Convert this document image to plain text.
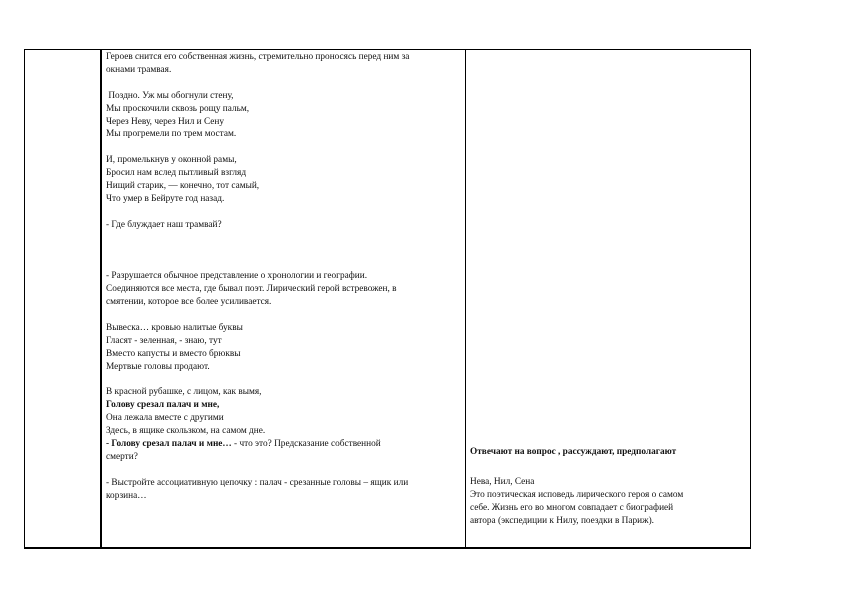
Героев снится его собственная жизнь, стремительно проносясь перед ним за
окнами трамвая.
Поздно. Уж мы обогнули стену,
Мы проскочили сквозь рощу пальм,
Через Неву, через Нил и Сену
Мы прогремели по трем мостам.
И, промелькнув у оконной рамы,
Бросил нам вслед пытливый взгляд
Нищий старик, — конечно, тот самый,
Что умер в Бейруте год назад.
- Где блуждает наш трамвай?
- Разрушается обычное представление о хронологии и географии.
Соединяются все места, где бывал поэт. Лирический герой встревожен, в
смятении, которое все более усиливается.
Вывеска… кровью налитые буквы
Гласят - зеленная, - знаю, тут
Вместо капусты и вместо брюквы
Мертвые головы продают.
В красной рубашке, с лицом, как вымя,
Голову срезал палач и мне,
Она лежала вместе с другими
Здесь, в ящике скользком, на самом дне.
- Голову срезал палач и мне… - что это? Предсказание собственной
смерти?
- Выстройте ассоциативную цепочку : палач - срезанные головы – ящик или
корзина…
Отвечают на вопрос , рассуждают, предполагают
Нева, Нил, Сена
Это поэтическая исповедь лирического героя о самом
себе. Жизнь его во многом совпадает с биографией
автора (экспедиции к Нилу, поездки в Париж).
